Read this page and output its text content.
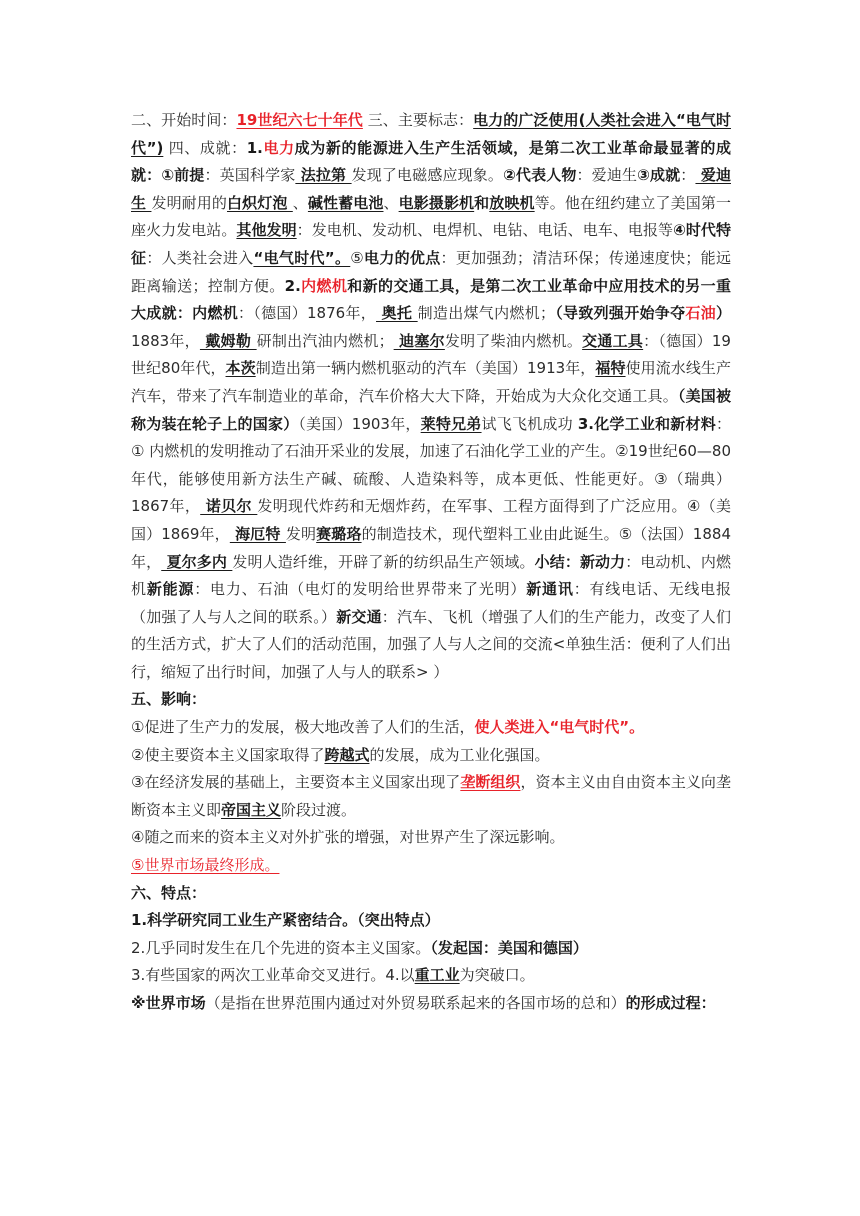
二、开始时间：19世纪六七十年代 三、主要标志：电力的广泛使用(人类社会进入“电气时代”) 四、成就：1.电力成为新的能源进入生产生活领域，是第二次工业革命最显著的成就：①前提：英国科学家 法拉第 发现了电磁感应现象。②代表人物：爱迪生③成就： 爱迪生 发明耐用的白炽灯泡 、碱性蓄电池、电影摄影机和放映机等。他在纽约建立了美国第一座火力发电站。其他发明：发电机、发动机、电焊机、电钻、电话、电车、电报等④时代特征：人类社会进入“电气时代”。⑤电力的优点：更加强劲；清洁环保；传递速度快；能远距离输送；控制方便。2.内燃机和新的交通工具，是第二次工业革命中应用技术的另一重大成就：内燃机：（德国）1876年， 奥托 制造出煤气内燃机；（导致列强开始争夺石油）1883年， 戴姆勒 研制出汽油内燃机； 迪塞尔发明了柴油内燃机。交通工具：（德国）19世纪80年代，本茨制造出第一辆内燃机驱动的汽车（美国）1913年，福特使用流水线生产汽车，带来了汽车制造业的革命，汽车价格大大下降，开始成为大众化交通工具。（美国被称为装在轮子上的国家）（美国）1903年，莱特兄弟试飞飞机成功 3.化学工业和新材料：① 内燃机的发明推动了石油开采业的发展，加速了石油化学工业的产生。②19世纪60—80年代，能够使用新方法生产碱、硫酸、人造染料等，成本更低、性能更好。③（瑞典）1867年， 诺贝尔 发明现代炸药和无烟炸药，在军事、工程方面得到了广泛应用。④（美国）1869年， 海厄特 发明赛璐珞的制造技术，现代塑料工业由此诞生。⑤（法国）1884年， 夏尔多内 发明人造纤维，开辟了新的纺织品生产领域。小结：新动力：电动机、内燃机新能源：电力、石油（电灯的发明给世界带来了光明）新通讯：有线电话、无线电报（加强了人与人之间的联系。）新交通：汽车、飞机（增强了人们的生产能力，改变了人们的生活方式，扩大了人们的活动范围，加强了人与人之间的交流<单独生活：便利了人们出行，缩短了出行时间，加强了人与人的联系> ）

五、影响：

①促进了生产力的发展，极大地改善了人们的生活，使人类进入“电气时代”。

②使主要资本主义国家取得了跨越式的发展，成为工业化强国。

③在经济发展的基础上，主要资本主义国家出现了垄断组织，资本主义由自由资本主义向垄断资本主义即帝国主义阶段过渡。

④随之而来的资本主义对外扩张的增强，对世界产生了深远影响。

⑤世界市场最终形成。

六、特点：

1.科学研究同工业生产紧密结合。（突出特点）

2.几乎同时发生在几个先进的资本主义国家。（发起国：美国和德国）

3.有些国家的两次工业革命交叉进行。4.以重工业为突破口。

※世界市场（是指在世界范围内通过对外贸易联系起来的各国市场的总和）的形成过程：
